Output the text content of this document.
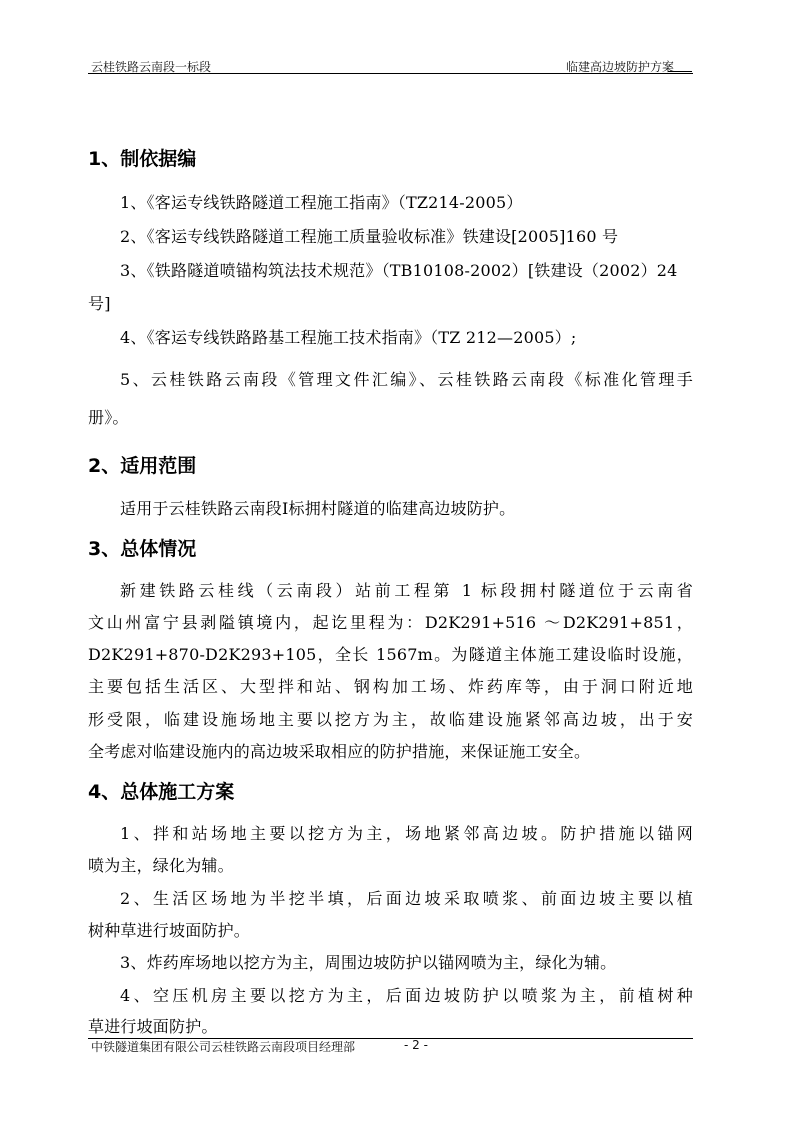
云桂铁路云南段一标段	临建高边坡防护方案
1、制依据编
1、《客运专线铁路隧道工程施工指南》（TZ214-2005）
2、《客运专线铁路隧道工程施工质量验收标准》铁建设[2005]160 号
3、《铁路隧道喷锚构筑法技术规范》（TB10108-2002）[铁建设（2002）24
号]
4、《客运专线铁路路基工程施工技术指南》（TZ 212—2005）;
5、云桂铁路云南段《管理文件汇编》、云桂铁路云南段《标准化管理手
册》。
2、适用范围
适用于云桂铁路云南段Ⅰ标拥村隧道的临建高边坡防护。
3、总体情况
新建铁路云桂线（云南段）站前工程第 1 标段拥村隧道位于云南省
文山州富宁县剥隘镇境内，起讫里程为：D2K291+516 ～D2K291+851，
D2K291+870-D2K293+105，全长 1567m。为隧道主体施工建设临时设施，
主要包括生活区、大型拌和站、钢构加工场、炸药库等，由于洞口附近地
形受限，临建设施场地主要以挖方为主，故临建设施紧邻高边坡，出于安
全考虑对临建设施内的高边坡采取相应的防护措施，来保证施工安全。
4、总体施工方案
1、拌和站场地主要以挖方为主，场地紧邻高边坡。防护措施以锚网
喷为主，绿化为辅。
2、生活区场地为半挖半填，后面边坡采取喷浆、前面边坡主要以植
树种草进行坡面防护。
3、炸药库场地以挖方为主，周围边坡防护以锚网喷为主，绿化为辅。
4、空压机房主要以挖方为主，后面边坡防护以喷浆为主，前植树种
草进行坡面防护。
中铁隧道集团有限公司云桂铁路云南段项目经理部	- 2 -
